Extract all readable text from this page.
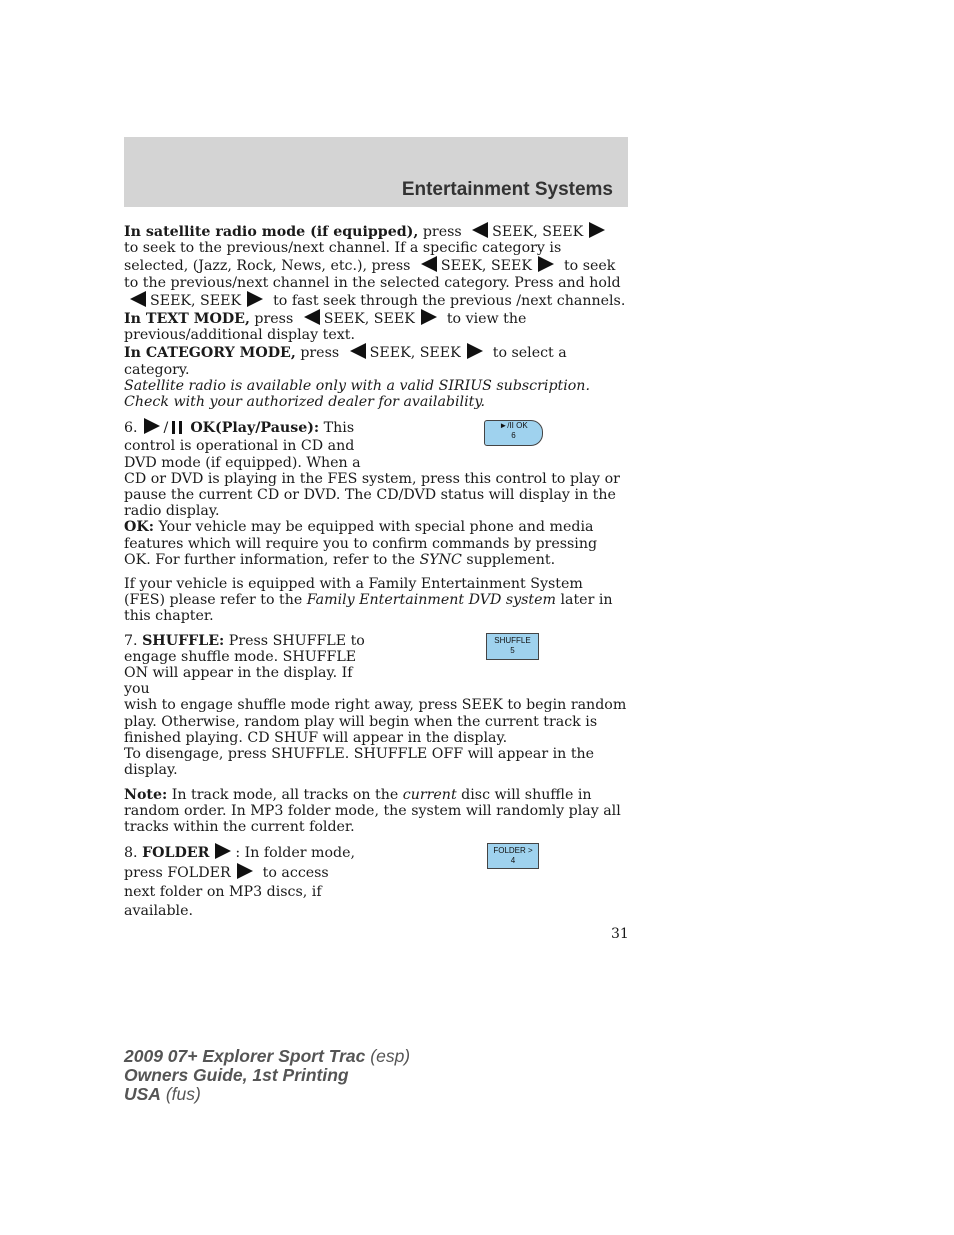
Entertainment Systems

In satellite radio mode (if equipped), press SEEK, SEEKto seek to the previous/next channel. If a specific category is selected, (Jazz, Rock, News, etc.), press SEEK, SEEK to seek to the previous/next channel in the selected category. Press and hold SEEK, SEEK to fast seek through the previous /next channels.

In TEXT MODE, press SEEK, SEEK to view the previous/additional display text.

In CATEGORY MODE, press SEEK, SEEK to select a category.

Satellite radio is available only with a valid SIRIUS subscription. Check with your authorized dealer for availability.

►/II OK
6

6. / OK(Play/Pause): This control is operational in CD and DVD mode (if equipped). When a

CD or DVD is playing in the FES system, press this control to play or pause the current CD or DVD. The CD/DVD status will display in the radio display.

OK: Your vehicle may be equipped with special phone and media features which will require you to confirm commands by pressing OK. For further information, refer to the SYNC supplement.

If your vehicle is equipped with a Family Entertainment System (FES) please refer to the Family Entertainment DVD system later in this chapter.

SHUFFLE
5

7. SHUFFLE: Press SHUFFLE to engage shuffle mode. SHUFFLE ON will appear in the display. If you

wish to engage shuffle mode right away, press SEEK to begin random play. Otherwise, random play will begin when the current track is finished playing. CD SHUF will appear in the display.

To disengage, press SHUFFLE. SHUFFLE OFF will appear in the display.

Note: In track mode, all tracks on the current disc will shuffle in random order. In MP3 folder mode, the system will randomly play all tracks within the current folder.

FOLDER >
4

8. FOLDER : In folder mode, press FOLDER to access next folder on MP3 discs, if available.

31
2009 07+ Explorer Sport Trac (esp)
Owners Guide, 1st Printing
USA (fus)
